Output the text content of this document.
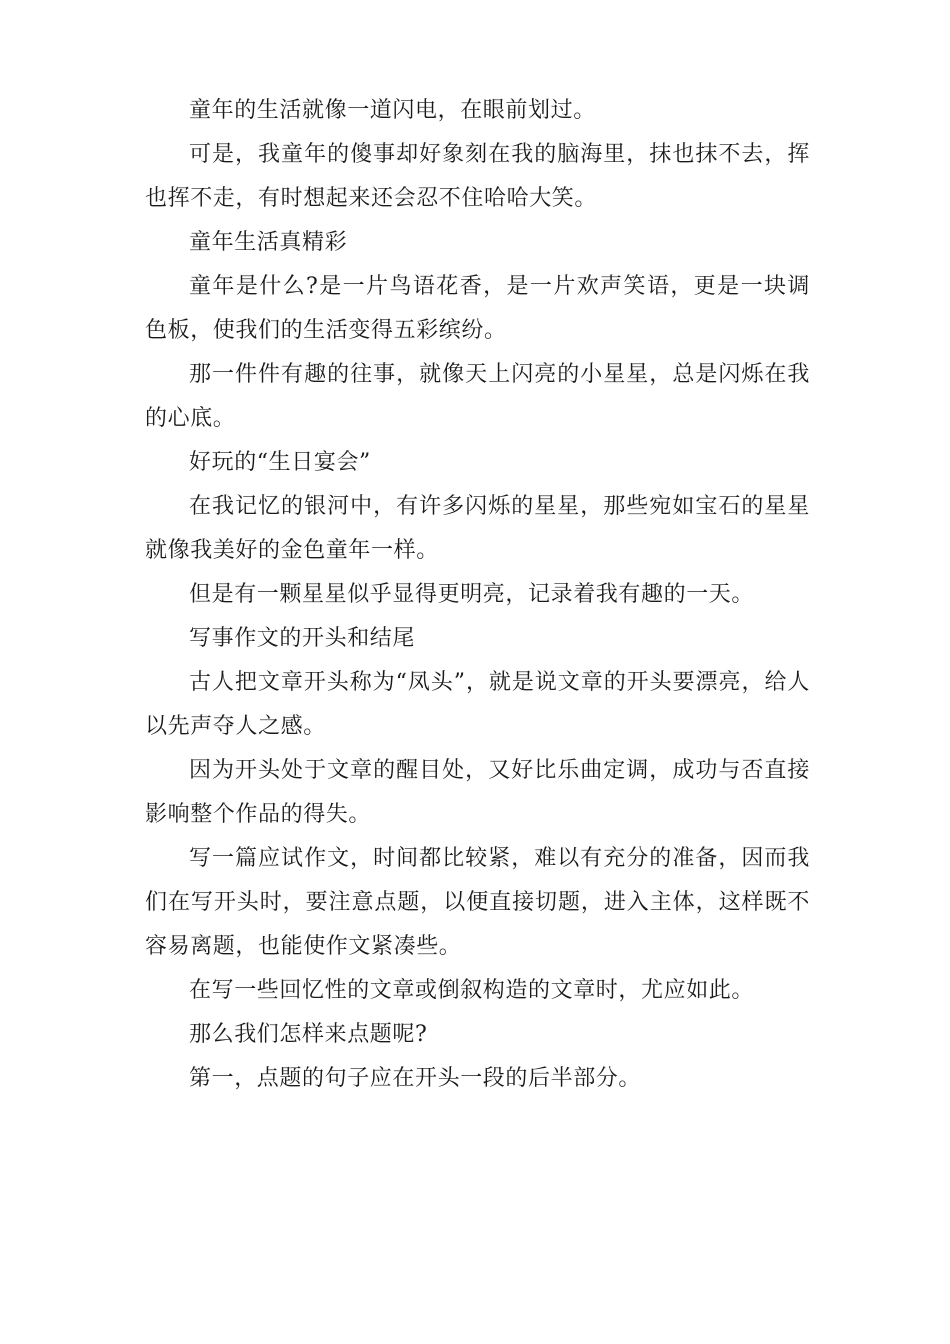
童年的生活就像一道闪电，在眼前划过。

可是，我童年的傻事却好象刻在我的脑海里，抹也抹不去，挥也挥不走，有时想起来还会忍不住哈哈大笑。

童年生活真精彩

童年是什么?是一片鸟语花香，是一片欢声笑语，更是一块调色板，使我们的生活变得五彩缤纷。

那一件件有趣的往事，就像天上闪亮的小星星，总是闪烁在我的心底。

好玩的“生日宴会”

在我记忆的银河中，有许多闪烁的星星，那些宛如宝石的星星就像我美好的金色童年一样。

但是有一颗星星似乎显得更明亮，记录着我有趣的一天。

写事作文的开头和结尾

古人把文章开头称为“凤头”，就是说文章的开头要漂亮，给人以先声夺人之感。

因为开头处于文章的醒目处，又好比乐曲定调，成功与否直接影响整个作品的得失。

写一篇应试作文，时间都比较紧，难以有充分的准备，因而我们在写开头时，要注意点题，以便直接切题，进入主体，这样既不容易离题，也能使作文紧凑些。

在写一些回忆性的文章或倒叙构造的文章时，尤应如此。

那么我们怎样来点题呢?

第一，点题的句子应在开头一段的后半部分。
